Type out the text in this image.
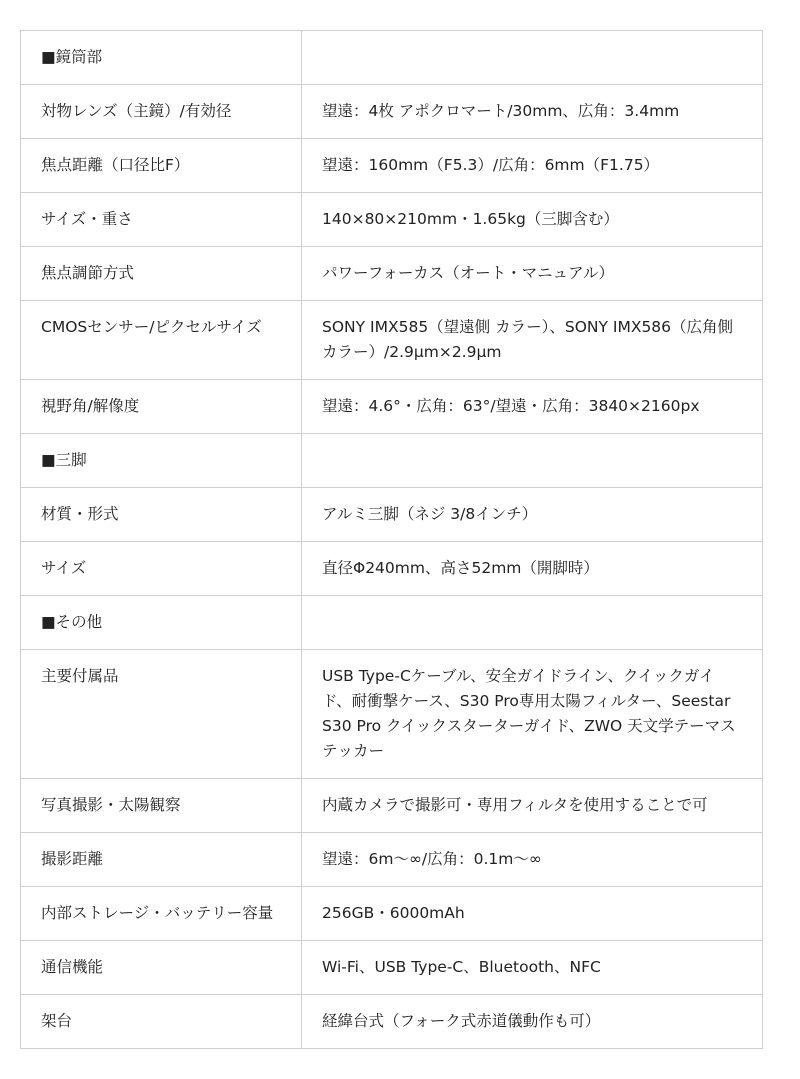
■鏡筒部	
対物レンズ（主鏡）/有効径	望遠：4枚 アポクロマート/30mm、広角：3.4mm
焦点距離（口径比F）	望遠：160mm（F5.3）/広角：6mm（F1.75）
サイズ・重さ	140×80×210mm・1.65kg（三脚含む）
焦点調節方式	パワーフォーカス（オート・マニュアル）
CMOSセンサー/ピクセルサイズ	SONY IMX585（望遠側 カラー）、SONY IMX586（広角側 カラー）/2.9µm×2.9µm
視野角/解像度	望遠：4.6°・広角：63°/望遠・広角：3840×2160px
■三脚	
材質・形式	アルミ三脚（ネジ 3/8インチ）
サイズ	直径Φ240mm、高さ52mm（開脚時）
■その他	
主要付属品	USB Type-Cケーブル、安全ガイドライン、クイックガイド、耐衝撃ケース、S30 Pro専用太陽フィルター、Seestar S30 Pro クイックスターターガイド、ZWO 天文学テーマステッカー
写真撮影・太陽観察	内蔵カメラで撮影可・専用フィルタを使用することで可
撮影距離	望遠：6m〜∞/広角：0.1m〜∞
内部ストレージ・バッテリー容量	256GB・6000mAh
通信機能	Wi-Fi、USB Type-C、Bluetooth、NFC
架台	経緯台式（フォーク式赤道儀動作も可）
